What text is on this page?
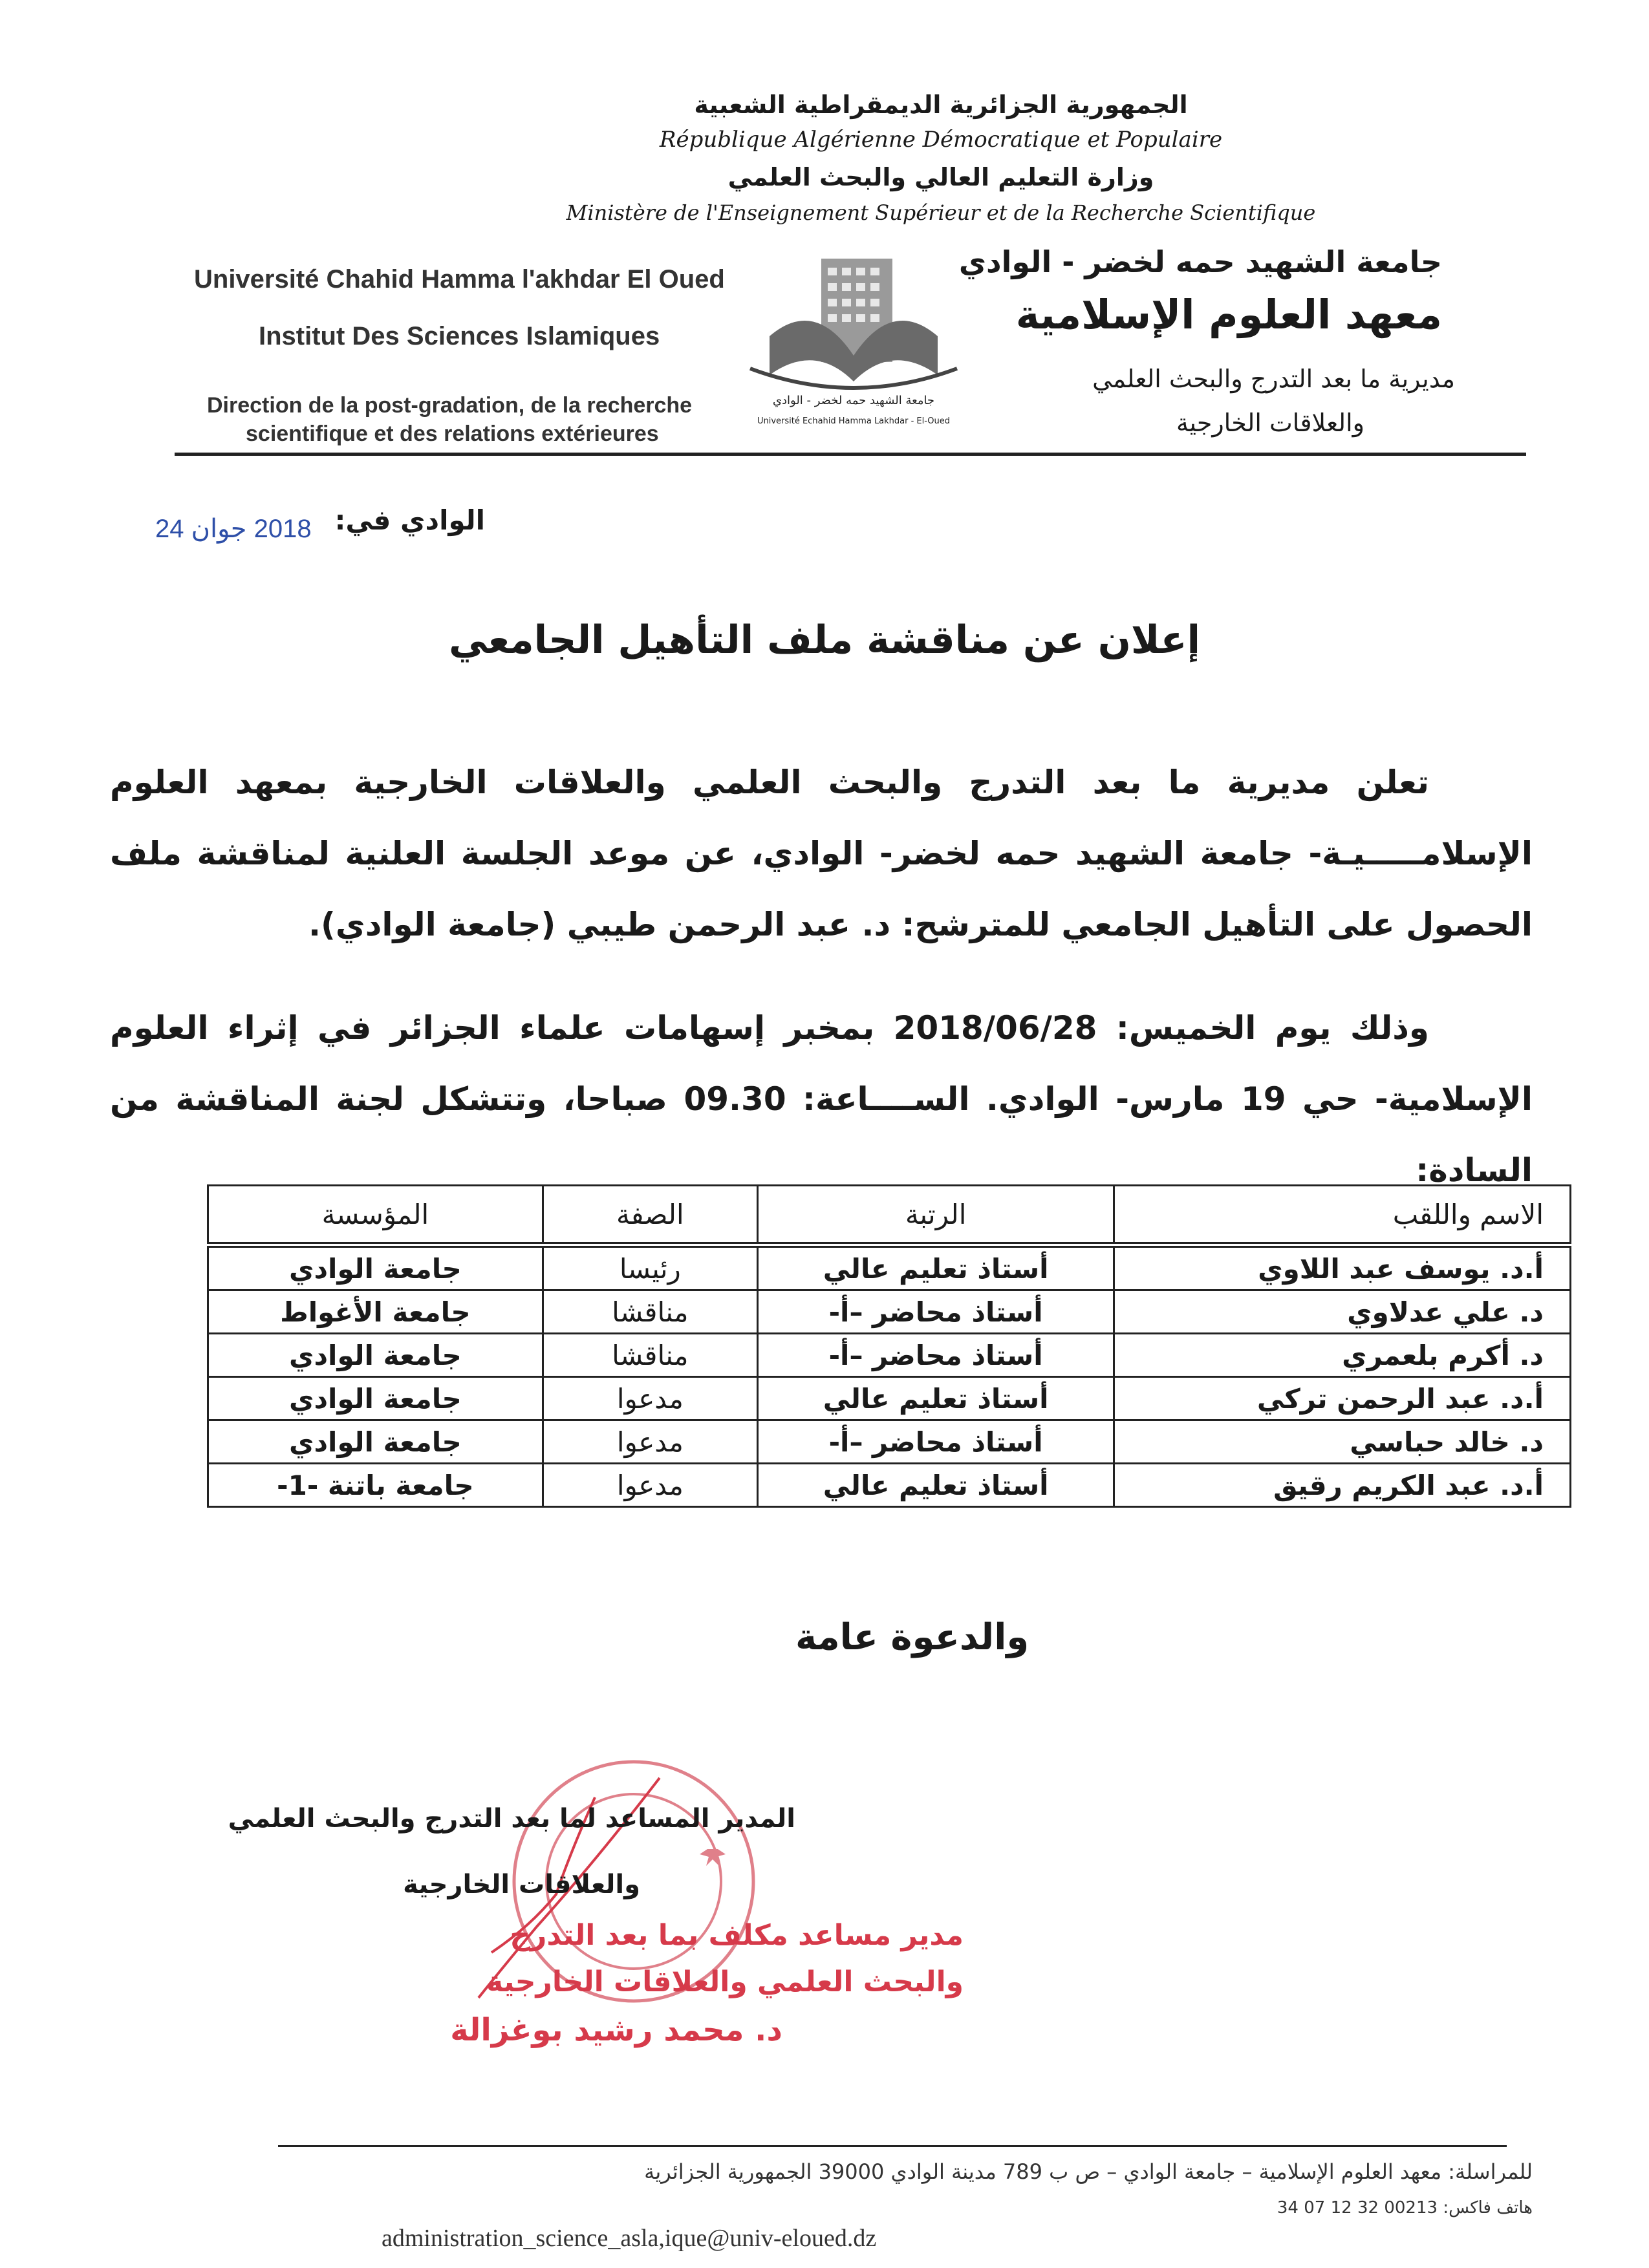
الجمهورية الجزائرية الديمقراطية الشعبية
République Algérienne Démocratique et Populaire
وزارة التعليم العالي والبحث العلمي
Ministère de l'Enseignement Supérieur et de la Recherche Scientifique
Université Chahid Hamma l'akhdar El Oued
Institut Des Sciences Islamiques
Direction de la post-gradation, de la recherche
scientifique et des relations extérieures
جامعة الشهيد حمه لخضر - الوادي
Université Echahid Hamma Lakhdar - El-Oued
جامعة الشهيد حمه لخضر - الوادي
معهد العلوم الإسلامية
مديرية ما بعد التدرج والبحث العلمي
والعلاقات الخارجية
الوادي في:
2018 جوان 24
إعلان عن مناقشة ملف التأهيل الجامعي
تعلن مديرية ما بعد التدرج والبحث العلمي والعلاقات الخارجية بمعهد العلوم الإسلامـــــيـة- جامعة الشهيد حمه لخضر- الوادي، عن موعد الجلسة العلنية لمناقشة ملف الحصول على التأهيل الجامعي للمترشح: د. عبد الرحمن طيبي (جامعة الوادي).
وذلك يوم الخميس: 2018/06/28 بمخبر إسهامات علماء الجزائر في إثراء العلوم الإسلامية- حي 19 مارس- الوادي. الســــاعة: 09.30 صباحا، وتتشكل لجنة المناقشة من السادة:
الاسم واللقب	الرتبة	الصفة	المؤسسة
أ.د. يوسف عبد اللاوي	أستاذ تعليم عالي	رئيسا	جامعة الوادي
د. علي عدلاوي	أستاذ محاضر –أ-	مناقشا	جامعة الأغواط
د. أكرم بلعمري	أستاذ محاضر –أ-	مناقشا	جامعة الوادي
أ.د. عبد الرحمن تركي	أستاذ تعليم عالي	مدعوا	جامعة الوادي
د. خالد حباسي	أستاذ محاضر –أ-	مدعوا	جامعة الوادي
أ.د. عبد الكريم رقيق	أستاذ تعليم عالي	مدعوا	جامعة باتنة -1-
والدعوة عامة
المدير المساعد لما بعد التدرج والبحث العلمي
والعلاقات الخارجية
مدير مساعد مكلف بما بعد التدرج
والبحث العلمي والعلاقات الخارجية
د. محمد رشيد بوغزالة
للمراسلة: معهد العلوم الإسلامية – جامعة الوادي – ص ب 789 مدينة الوادي 39000 الجمهورية الجزائرية
هاتف فاكس: 00213 32 12 07 34
administration_science_asla,ique@univ-eloued.dz
